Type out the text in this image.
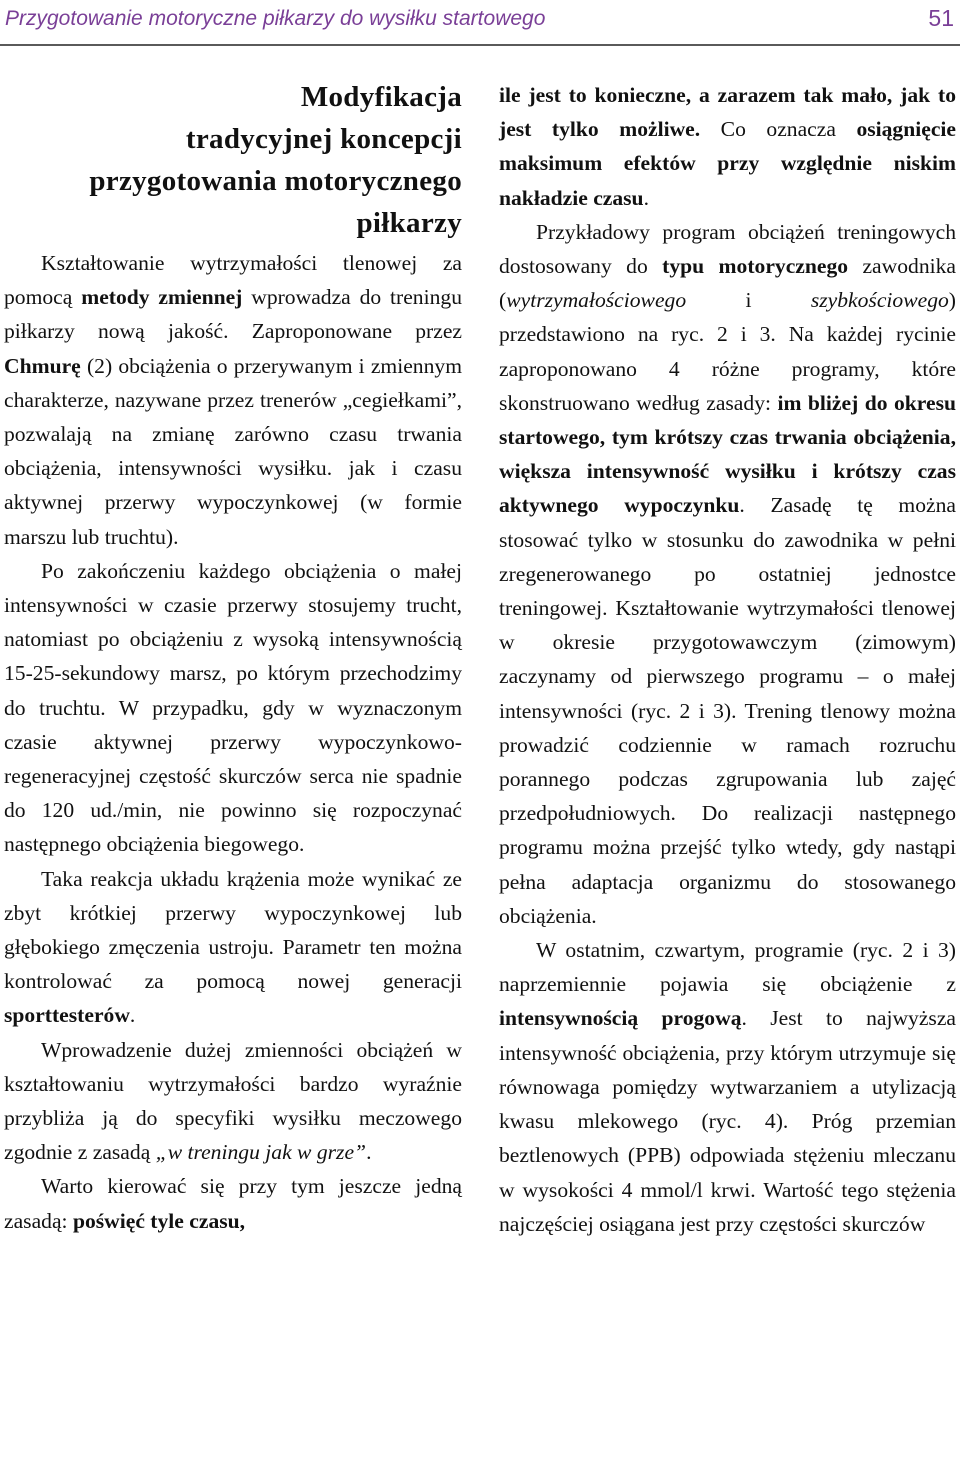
Przygotowanie motoryczne piłkarzy do wysiłku startowego	51
Modyfikacja
tradycyjnej koncepcji
przygotowania motorycznego
piłkarzy

Kształtowanie wytrzymałości tlenowej za pomocą metody zmiennej wprowadza do treningu piłkarzy nową jakość. Zaproponowane przez Chmurę (2) obciążenia o przerywanym i zmiennym charakterze, nazywane przez trenerów „cegiełkami”, pozwalają na zmianę zarówno czasu trwania obciążenia, intensywności wysiłku. jak i czasu aktywnej przerwy wypoczynkowej (w formie marszu lub truchtu).

Po zakończeniu każdego obciążenia o małej intensywności w czasie przerwy stosujemy trucht, natomiast po obciążeniu z wysoką intensywnością 15-25-sekundowy marsz, po którym przechodzimy do truchtu. W przypadku, gdy w wyznaczonym czasie aktywnej przerwy wypoczynkowo-regeneracyjnej częstość skurczów serca nie spadnie do 120 ud./min, nie powinno się rozpoczynać następnego obciążenia biegowego.

Taka reakcja układu krążenia może wynikać ze zbyt krótkiej przerwy wypoczynkowej lub głębokiego zmęczenia ustroju. Parametr ten można kontrolować za pomocą nowej generacji sporttesterów.

Wprowadzenie dużej zmienności obciążeń w kształtowaniu wytrzymałości bardzo wyraźnie przybliża ją do specyfiki wysiłku meczowego zgodnie z zasadą „w treningu jak w grze”.

Warto kierować się przy tym jeszcze jedną zasadą: poświęć tyle czasu,

ile jest to konieczne, a zarazem tak mało, jak to jest tylko możliwe. Co oznacza osiągnięcie maksimum efektów przy względnie niskim nakładzie czasu.

Przykładowy program obciążeń treningowych dostosowany do typu motorycznego zawodnika (wytrzymałościowego i szybkościowego) przedstawiono na ryc. 2 i 3. Na każdej rycinie zaproponowano 4 różne programy, które skonstruowano według zasady: im bliżej do okresu startowego, tym krótszy czas trwania obciążenia, większa intensywność wysiłku i krótszy czas aktywnego wypoczynku. Zasadę tę można stosować tylko w stosunku do zawodnika w pełni zregenerowanego po ostatniej jednostce treningowej. Kształtowanie wytrzymałości tlenowej w okresie przygotowawczym (zimowym) zaczynamy od pierwszego programu – o małej intensywności (ryc. 2 i 3). Trening tlenowy można prowadzić codziennie w ramach rozruchu porannego podczas zgrupowania lub zajęć przedpołudniowych. Do realizacji następnego programu można przejść tylko wtedy, gdy nastąpi pełna adaptacja organizmu do stosowanego obciążenia.

W ostatnim, czwartym, programie (ryc. 2 i 3) naprzemiennie pojawia się obciążenie z intensywnością progową. Jest to najwyższa intensywność obciążenia, przy którym utrzymuje się równowaga pomiędzy wytwarzaniem a utylizacją kwasu mlekowego (ryc. 4). Próg przemian beztlenowych (PPB) odpowiada stężeniu mleczanu w wysokości 4 mmol/l krwi. Wartość tego stężenia najczęściej osiągana jest przy częstości skurczów
